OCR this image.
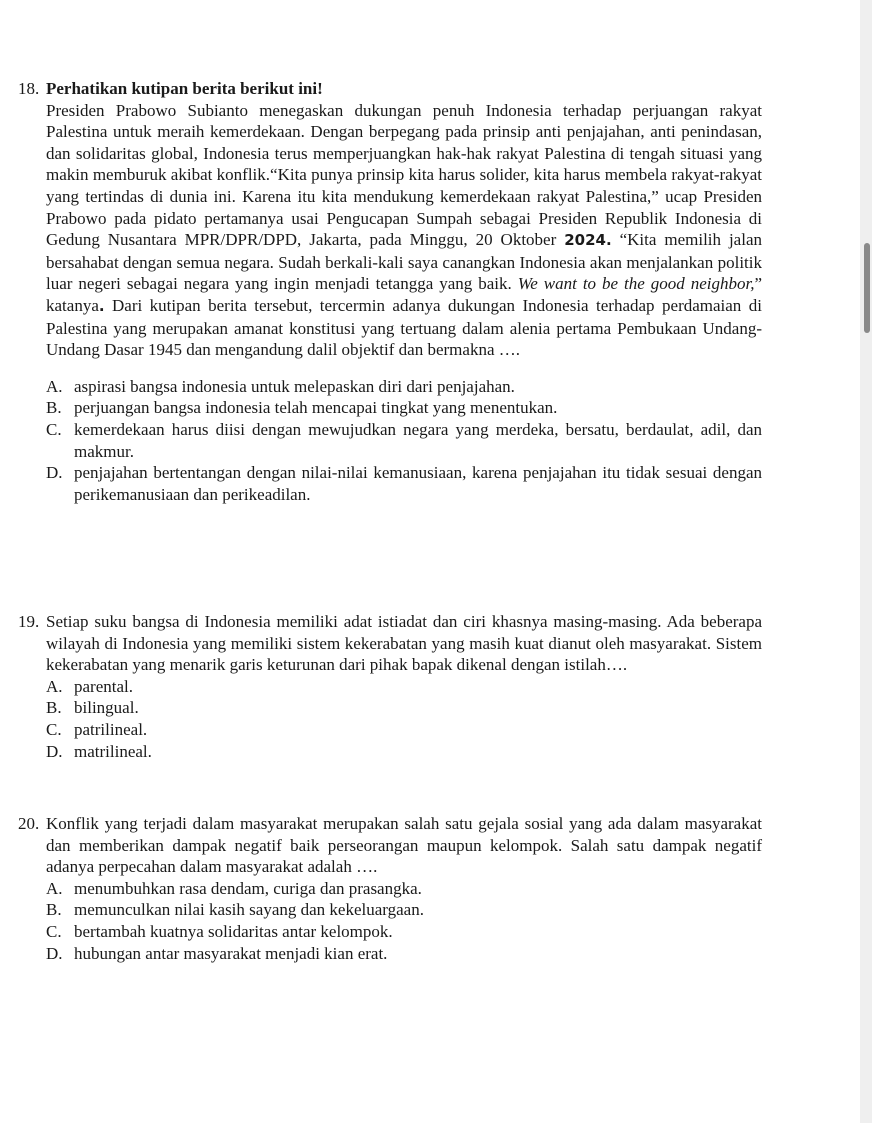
18. Perhatikan kutipan berita berikut ini!
Presiden Prabowo Subianto menegaskan dukungan penuh Indonesia terhadap perjuangan rakyat Palestina untuk meraih kemerdekaan. Dengan berpegang pada prinsip anti penjajahan, anti penindasan, dan solidaritas global, Indonesia terus memperjuangkan hak-hak rakyat Palestina di tengah situasi yang makin memburuk akibat konflik.“Kita punya prinsip kita harus solider, kita harus membela rakyat-rakyat yang tertindas di dunia ini. Karena itu kita mendukung kemerdekaan rakyat Palestina,” ucap Presiden Prabowo pada pidato pertamanya usai Pengucapan Sumpah sebagai Presiden Republik Indonesia di Gedung Nusantara MPR/DPR/DPD, Jakarta, pada Minggu, 20 Oktober 2024. “Kita memilih jalan bersahabat dengan semua negara. Sudah berkali-kali saya canangkan Indonesia akan menjalankan politik luar negeri sebagai negara yang ingin menjadi tetangga yang baik. We want to be the good neighbor,” katanya. Dari kutipan berita tersebut, tercermin adanya dukungan Indonesia terhadap perdamaian di Palestina yang merupakan amanat konstitusi yang tertuang dalam alenia pertama Pembukaan Undang-Undang Dasar 1945 dan mengandung dalil objektif dan bermakna ….
A. aspirasi bangsa indonesia untuk melepaskan diri dari penjajahan.
B. perjuangan bangsa indonesia telah mencapai tingkat yang menentukan.
C. kemerdekaan harus diisi dengan mewujudkan negara yang merdeka, bersatu, berdaulat, adil, dan makmur.
D. penjajahan bertentangan dengan nilai-nilai kemanusiaan, karena penjajahan itu tidak sesuai dengan perikemanusiaan dan perikeadilan.
19. Setiap suku bangsa di Indonesia memiliki adat istiadat dan ciri khasnya masing-masing. Ada beberapa wilayah di Indonesia yang memiliki sistem kekerabatan yang masih kuat dianut oleh masyarakat. Sistem kekerabatan yang menarik garis keturunan dari pihak bapak dikenal dengan istilah….
A. parental.
B. bilingual.
C. patrilineal.
D. matrilineal.
20. Konflik yang terjadi dalam masyarakat merupakan salah satu gejala sosial yang ada dalam masyarakat dan memberikan dampak negatif baik perseorangan maupun kelompok. Salah satu dampak negatif adanya perpecahan dalam masyarakat adalah ….
A. menumbuhkan rasa dendam, curiga dan prasangka.
B. memunculkan nilai kasih sayang dan kekeluargaan.
C. bertambah kuatnya solidaritas antar kelompok.
D. hubungan antar masyarakat menjadi kian erat.
